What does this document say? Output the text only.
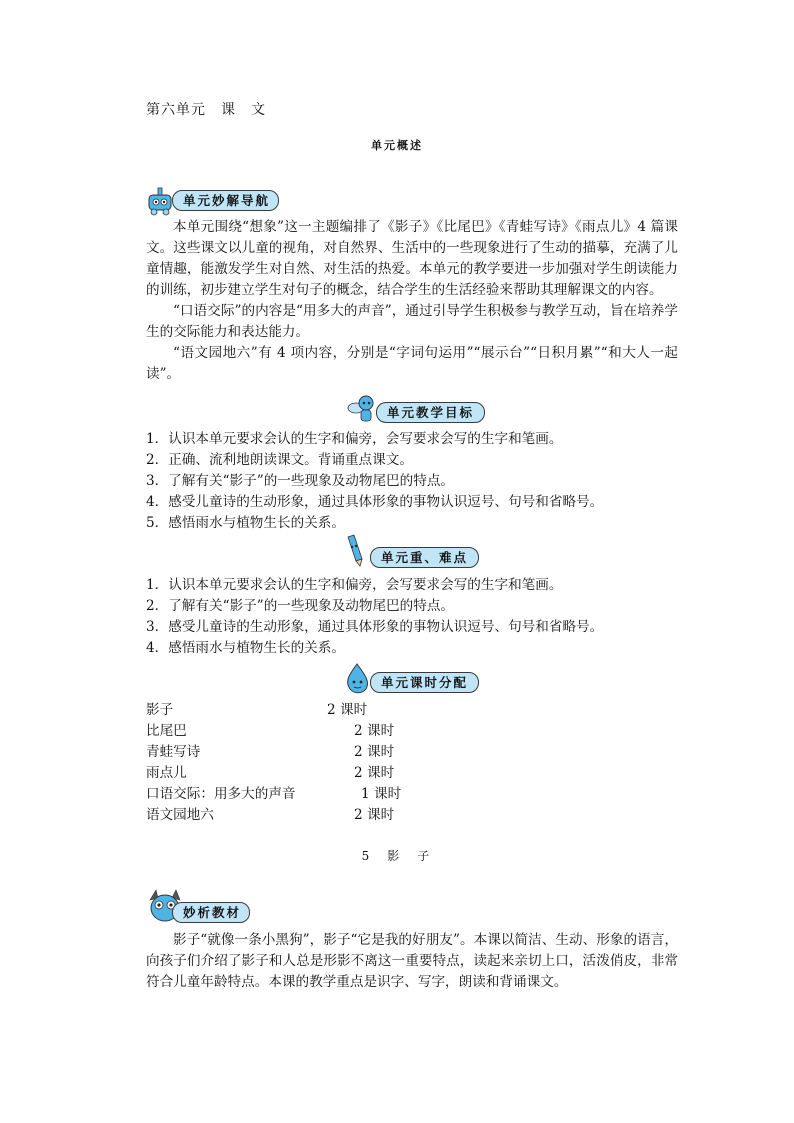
第六单元　课　文
单元概述
单元妙解导航
本单元围绕“想象”这一主题编排了《影子》《比尾巴》《青蛙写诗》《雨点儿》4 篇课文。这些课文以儿童的视角，对自然界、生活中的一些现象进行了生动的描摹，充满了儿童情趣，能激发学生对自然、对生活的热爱。本单元的教学要进一步加强对学生朗读能力的训练，初步建立学生对句子的概念，结合学生的生活经验来帮助其理解课文的内容。
“口语交际”的内容是“用多大的声音”，通过引导学生积极参与教学互动，旨在培养学生的交际能力和表达能力。
“语文园地六”有 4 项内容，分别是“字词句运用”“展示台”“日积月累”“和大人一起读”。
单元教学目标
1．认识本单元要求会认的生字和偏旁，会写要求会写的生字和笔画。
2．正确、流利地朗读课文。背诵重点课文。
3．了解有关“影子”的一些现象及动物尾巴的特点。
4．感受儿童诗的生动形象，通过具体形象的事物认识逗号、句号和省略号。
5．感悟雨水与植物生长的关系。
单元重、难点
1．认识本单元要求会认的生字和偏旁，会写要求会写的生字和笔画。
2．了解有关“影子”的一些现象及动物尾巴的特点。
3．感受儿童诗的生动形象，通过具体形象的事物认识逗号、句号和省略号。
4．感悟雨水与植物生长的关系。
单元课时分配
影子	2 课时
比尾巴	2 课时
青蛙写诗	2 课时
雨点儿	2 课时
口语交际：用多大的声音	1 课时
语文园地六	2 课时
5　影　子
妙析教材
影子“就像一条小黑狗”，影子“它是我的好朋友”。本课以简洁、生动、形象的语言，向孩子们介绍了影子和人总是形影不离这一重要特点，读起来亲切上口，活泼俏皮，非常符合儿童年龄特点。本课的教学重点是识字、写字，朗读和背诵课文。
